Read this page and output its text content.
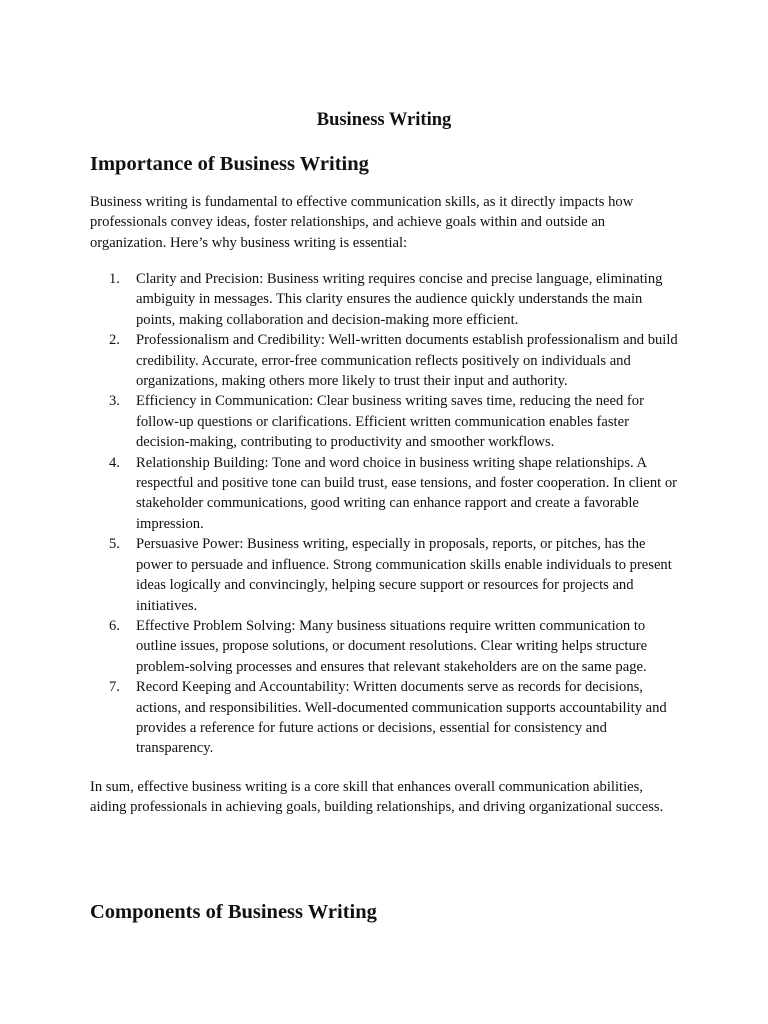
Business Writing
Importance of Business Writing

Business writing is fundamental to effective communication skills, as it directly impacts how professionals convey ideas, foster relationships, and achieve goals within and outside an organization. Here’s why business writing is essential:

1.	Clarity and Precision: Business writing requires concise and precise language, eliminating ambiguity in messages. This clarity ensures the audience quickly understands the main points, making collaboration and decision-making more efficient.
2.	Professionalism and Credibility: Well-written documents establish professionalism and build credibility. Accurate, error-free communication reflects positively on individuals and organizations, making others more likely to trust their input and authority.
3.	Efficiency in Communication: Clear business writing saves time, reducing the need for follow-up questions or clarifications. Efficient written communication enables faster decision-making, contributing to productivity and smoother workflows.
4.	Relationship Building: Tone and word choice in business writing shape relationships. A respectful and positive tone can build trust, ease tensions, and foster cooperation. In client or stakeholder communications, good writing can enhance rapport and create a favorable impression.
5.	Persuasive Power: Business writing, especially in proposals, reports, or pitches, has the power to persuade and influence. Strong communication skills enable individuals to present ideas logically and convincingly, helping secure support or resources for projects and initiatives.
6.	Effective Problem Solving: Many business situations require written communication to outline issues, propose solutions, or document resolutions. Clear writing helps structure problem-solving processes and ensures that relevant stakeholders are on the same page.
7.	Record Keeping and Accountability: Written documents serve as records for decisions, actions, and responsibilities. Well-documented communication supports accountability and provides a reference for future actions or decisions, essential for consistency and transparency.

In sum, effective business writing is a core skill that enhances overall communication abilities, aiding professionals in achieving goals, building relationships, and driving organizational success.

Components of Business Writing
